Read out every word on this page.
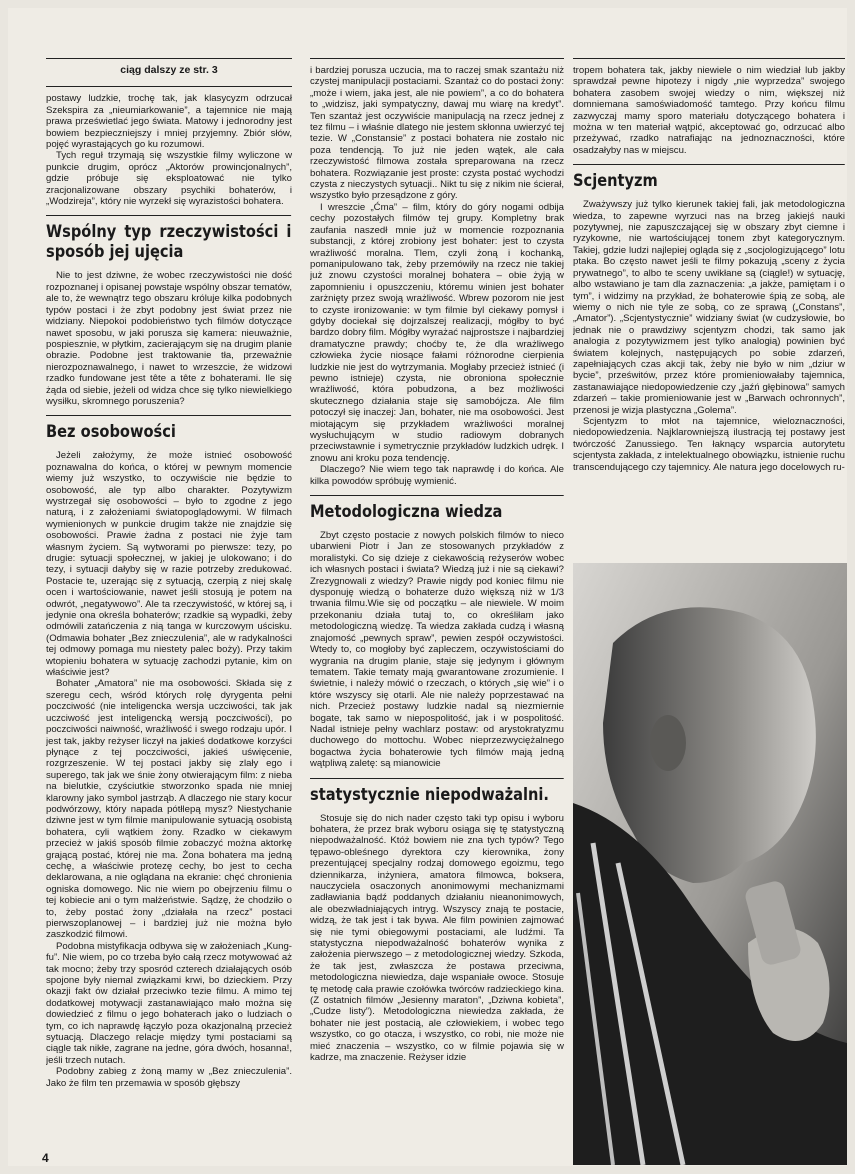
ciąg dalszy ze str. 3

postawy ludzkie, trochę tak, jak klasycyzm odrzucał Szekspira za „nieumiarkowanie”, a tajemnice nie mają prawa prześwietlać jego świata. Matowy i jednorodny jest bowiem bezpieczniejszy i mniej przyjemny. Zbiór słów, pojęć wyrastających go ku rozumowi.

Tych reguł trzymają się wszystkie filmy wyliczone w punkcie drugim, oprócz „Aktorów prowincjonalnych”, gdzie próbuje się eksploatować nie tylko zracjonalizowane obszary psychiki bohaterów, i „Wodzireja”, który nie wyrzekł się wyrazistości bohatera.

Wspólny typ rzeczywistości i sposób jej ujęcia

Nie to jest dziwne, że wobec rzeczywistości nie dość rozpoznanej i opisanej powstaje wspólny obszar tematów, ale to, że wewnątrz tego obszaru króluje kilka podobnych typów postaci i że zbyt podobny jest świat przez nie widziany. Niepokoi podobieństwo tych filmów dotyczące nawet sposobu, w jaki porusza się kamera: nieuważnie, pospiesznie, w płytkim, zacierającym się na drugim planie obrazie. Podobne jest traktowanie tła, przeważnie nierozpoznawalnego, i nawet to wrzeszcie, że widzowi rzadko fundowane jest tête a tête z bohaterami. Ile się żąda od siebie, jeżeli od widza chce się tylko niewielkiego wysiłku, skromnego poruszenia?

Bez osobowości

Jeżeli założymy, że może istnieć osobowość poznawalna do końca, o której w pewnym momencie wiemy już wszystko, to oczywiście nie będzie to osobowość, ale typ albo charakter. Pozytywizm wystrzegał się osobowości – było to zgodne z jego naturą, i z założeniami światopoglądowymi. W filmach wymienionych w punkcie drugim także nie znajdzie się osobowości. Prawie żadna z postaci nie żyje tam własnym życiem. Są wytworami po pierwsze: tezy, po drugie: sytuacji społecznej, w jakiej je ulokowano; i do tezy, i sytuacji dałyby się w razie potrzeby zredukować. Postacie te, uzerając się z sytuacją, czerpią z niej skalę ocen i wartościowanie, nawet jeśli stosują je potem na odwrót, „negatywowo”. Ale ta rzeczywistość, w której są, i jedynie ona określa bohaterów; rzadkie są wypadki, żeby odmówili zatańczenia z nią tanga w kurczowym uścisku. (Odmawia bohater „Bez znieczulenia”, ale w radykalności tej odmowy pomaga mu niestety palec boży). Przy takim wtopieniu bohatera w sytuację zachodzi pytanie, kim on właściwie jest?

Bohater „Amatora” nie ma osobowości. Składa się z szeregu cech, wśród których rolę dyrygenta pełni poczciwość (nie inteligencka wersja uczciwości, tak jak uczciwość jest inteligencką wersją poczciwości), po poczciwości naiwność, wrażliwość i swego rodzaju upór. I jest tak, jakby reżyser liczył na jakieś dodatkowe korzyści płynące z tej poczciwości, jakieś uświęcenie, rozgrzeszenie. W tej postaci jakby się zlały ego i superego, tak jak we śnie żony otwierającym film: z nieba na bielutkie, czyściutkie stworzonko spada nie mniej klarowny jako symbol jastrząb. A dlaczego nie stary kocur podwórzowy, który napada pótłlepą mysz? Niestychanie dziwne jest w tym filmie manipulowanie sytuacją osobistą bohatera, cyli wątkiem żony. Rzadko w ciekawym przecież w jakiś sposób filmie zobaczyć można aktorkę grającą postać, której nie ma. Żona bohatera ma jedną cechę, a właściwie protezę cechy, bo jest to cecha deklarowana, a nie oglądana na ekranie: chęć chronienia ogniska domowego. Nic nie wiem po obejrzeniu filmu o tej kobiecie ani o tym małżeństwie. Sądzę, że chodziło o to, żeby postać żony „działała na rzecz” postaci pierwszoplanowej – i bardziej już nie można było zaszkodzić filmowi.

Podobna mistyfikacja odbywa się w założeniach „Kung-fu”. Nie wiem, po co trzeba było całą rzecz motywować aż tak mocno; żeby trzy sposród czterech działających osób spojone były niemal związkami krwi, bo dzieckiem. Przy okazji fakt ów działał przeciwko tezie filmu. A mimo tej dodatkowej motywacji zastanawiająco mało można się dowiedzieć z filmu o jego bohaterach jako o ludziach o tym, co ich naprawdę łączyło poza okazjonalną przecież sytuacją. Dlaczego relacje między tymi postaciami są ciągle tak nikłe, zagrane na jedne, góra dwóch, hosanna!, jeśli trzech nutach.

Podobny zabieg z żoną mamy w „Bez znieczulenia”. Jako że film ten przemawia w sposób głębszy

i bardziej porusza uczucia, ma to raczej smak szantażu niż czystej manipulacji postaciami. Szantaż co do postaci żony: „może i wiem, jaka jest, ale nie powiem”, a co do bohatera to „widzisz, jaki sympatyczny, dawaj mu wiarę na kredyt”. Ten szantaż jest oczywiście manipulacją na rzecz jednej z tez filmu – i właśnie dlatego nie jestem skłonna uwierzyć tej tezie. W „Constansie” z postaci bohatera nie zostało nic poza tendencją. To już nie jeden wątek, ale cała rzeczywistość filmowa została spreparowana na rzecz bohatera. Rozwiązanie jest proste: czysta postać wychodzi czysta z nieczystych sytuacji.. Nikt tu się z nikim nie ścierał, wszystko było przesądzone z góry.

I wreszcie „Ćma” – film, który do góry nogami odbija cechy pozostałych filmów tej grupy. Kompletny brak zaufania naszedł mnie już w momencie rozpoznania substancji, z której zrobiony jest bohater: jest to czysta wrażliwość moralna. Tlem, czyli żoną i kochanką, pomanipulowano tak, żeby przemówiły na rzecz nie takiej już znowu czystości moralnej bohatera – obie żyją w zapomnieniu i opuszczeniu, któremu winien jest bohater zarżnięty przez swoją wrażliwość. Wbrew pozorom nie jest to czyste ironizowanie: w tym filmie byl ciekawy pomysł i gdyby dociekał się dojrzalszej realizacji, mógłby to być bardzo dobry film. Mógłby wyrażać najprostsze i najbardziej dramatyczne prawdy; choćby te, że dla wrażliwego człowieka życie niosące fałami różnorodne cierpienia ludzkie nie jest do wytrzymania. Mogłaby przecież istnieć (i pewno istnieje) czysta, nie obroniona społecznie wrażliwość, która pobudzona, a bez możliwości skutecznego działania staje się samobójcza. Ale film potoczył się inaczej: Jan, bohater, nie ma osobowości. Jest miotającym się przykładem wrażliwości moralnej wysłuchującym w studio radiowym dobranych przeciwstawnie i symetrycznie przykładów ludzkich udręk. I znowu ani kroku poza tendencję.

Dlaczego? Nie wiem tego tak naprawdę i do końca. Ale kilka powodów spróbuję wymienić.

Metodologiczna wiedza

Zbyt często postacie z nowych polskich filmów to nieco ubarwieni Piotr i Jan ze stosowanych przykładów z moralistyki. Co się dzieje z ciekawością reżyserów wobec ich własnych postaci i świata? Wiedzą już i nie są ciekawi? Zrezygnowali z wiedzy? Prawie nigdy pod koniec filmu nie dysponuję wiedzą o bohaterze dużo większą niż w 1/3 trwania filmu.Wie się od początku – ale niewiele. W moim przekonaniu działa tutaj to, co określiłam jako metodologiczną wiedzę. Ta wiedza zakłada cudzą i własną znajomość „pewnych spraw”, pewien zespół oczywistości. Wtedy to, co mogłoby być zapleczem, oczywistościami do wygrania na drugim planie, staje się jedynym i głównym tematem. Takie tematy mają gwarantowane zrozumienie. I świetnie, i należy mówić o rzeczach, o których „się wie” i o które wszyscy się otarli. Ale nie należy poprzestawać na nich. Przecież postawy ludzkie nadal są niezmiernie bogate, tak samo w niepospolitość, jak i w pospolitość. Nadal istnieje pełny wachlarz postaw: od arystokratyzmu duchowego do mottochu. Wobec nieprzezwyciężalnego bogactwa życia bohaterowie tych filmów mają jedną wątpliwą zaletę: są mianowicie

statystycznie niepodważalni.

Stosuje się do nich nader często taki typ opisu i wyboru bohatera, że przez brak wyboru osiąga się tę statystyczną niepodważalność. Któż bowiem nie zna tych typów? Tego tępawo-obleśnego dyrektora czy kierownika, żony prezentującej specjalny rodzaj domowego egoizmu, tego dziennikarza, inżyniera, amatora filmowca, boksera, nauczyciela osaczonych anonimowymi mechanizmami zadławiania bądź poddanych działaniu nieanonimowych, ale obezwładniających intryg. Wszyscy znają te postacie, widzą, że tak jest i tak bywa. Ale film powinien zajmować się nie tymi obiegowymi postaciami, ale ludźmi. Ta statystyczna niepodważalność bohaterów wynika z założenia pierwszego – z metodologicznej wiedzy. Szkoda, że tak jest, zwłaszcza że postawa przeciwna, metodologiczna niewiedza, daje wspaniałe owoce. Stosuje tę metodę cała prawie czołówka twórców radzieckiego kina. (Z ostatnich filmów „Jesienny maraton”, „Dziwna kobieta”, „Cudze listy”). Metodologiczna niewiedza zakłada, że bohater nie jest postacią, ale człowiekiem, i wobec tego wszystko, co go otacza, i wszystko, co robi, nie może nie mieć znaczenia – wszystko, co w filmie pojawia się w kadrze, ma znaczenie. Reżyser idzie

tropem bohatera tak, jakby niewiele o nim wiedział lub jakby sprawdzał pewne hipotezy i nigdy „nie wyprzedza” swojego bohatera zasobem swojej wiedzy o nim, większej niż domniemana samoświadomość tamtego. Przy końcu filmu zazwyczaj mamy sporo materiału dotyczącego bohatera i można w ten materiał wątpić, akceptować go, odrzucać albo przeżywać, rzadko natrafiając na jednoznaczności, które osadzałyby nas w miejscu.

Scjentyzm

Zważywszy już tylko kierunek takiej fali, jak metodologiczna wiedza, to zapewne wyrzuci nas na brzeg jakiejś nauki pozytywnej, nie zapuszczającej się w obszary zbyt ciemne i ryzykowne, nie wartościującej tonem zbyt kategorycznym. Takiej, gdzie ludzi najlepiej ogląda się z „socjologizującego” lotu ptaka. Bo często nawet jeśli te filmy pokazują „sceny z życia prywatnego”, to albo te sceny uwikłane są (ciągle!) w sytuację, albo wstawiano je tam dla zaznaczenia: „a jakże, pamiętam i o tym”, i widzimy na przykład, że bohaterowie śpią ze sobą, ale wiemy o nich nie tyle ze sobą, co ze sprawą („Constans”, „Amator”). „Scjentystycznie” widziany świat (w cudzysłowie, bo jednak nie o prawdziwy scjentyzm chodzi, tak samo jak analogia z pozytywizmem jest tylko analogią) powinien być światem kolejnych, następujących po sobie zdarzeń, zapełniających czas akcji tak, żeby nie było w nim „dziur w bycie”, prześwitów, przez które promieniowałaby tajemnica, zastanawiające niedopowiedzenie czy „jaźń głębinowa” samych zdarzeń – takie promieniowanie jest w „Barwach ochronnych”, przenosi je wizja plastyczna „Golema”.

Scjentyzm to młot na tajemnice, wieloznaczności, niedopowiedzenia. Najklarowniejszą ilustracją tej postawy jest twórczość Zanussiego. Ten łaknący wsparcia autorytetu scjentysta zakłada, z intelektualnego obowiązku, istnienie ruchu transcendującego czy tajemnicy. Ale natura jego docelowych ru-

4
